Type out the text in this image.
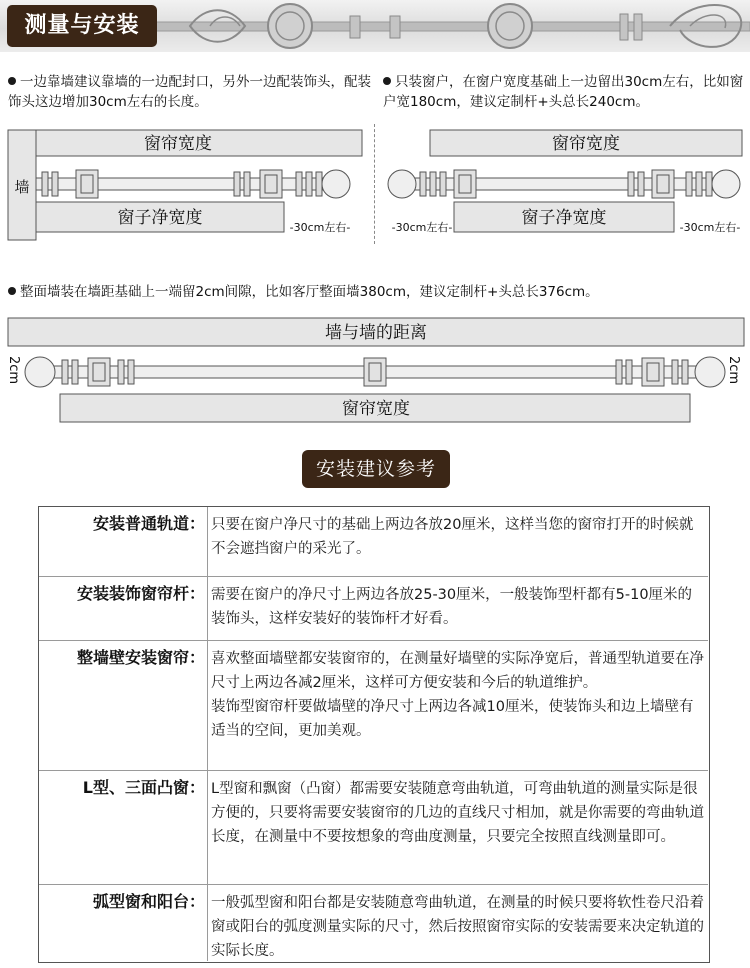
测量与安装
一边靠墙建议靠墙的一边配封口，另外一边配装饰头，配装饰头这边增加30cm左右的长度。
只装窗户，在窗户宽度基础上一边留出30cm左右，比如窗户宽180cm，建议定制杆+头总长240cm。
墙
窗帘宽度
窗子净宽度	-30cm左右-
窗帘宽度
窗子净宽度
-30cm左右-	-30cm左右-
整面墙装在墙距基础上一端留2cm间隙，比如客厅整面墙380cm，建议定制杆+头总长376cm。
墙与墙的距离
2cm	2cm
窗帘宽度
安装建议参考
安装普通轨道： 只要在窗户净尺寸的基础上两边各放20厘米，这样当您的窗帘打开的时候就不会遮挡窗户的采光了。

安装装饰窗帘杆： 需要在窗户的净尺寸上两边各放25-30厘米，一般装饰型杆都有5-10厘米的装饰头，这样安装好的装饰杆才好看。

整墙壁安装窗帘： 喜欢整面墙壁都安装窗帘的，在测量好墙壁的实际净宽后，普通型轨道要在净尺寸上两边各减2厘米，这样可方便安装和今后的轨道维护。

装饰型窗帘杆要做墙壁的净尺寸上两边各减10厘米，使装饰头和边上墙壁有适当的空间，更加美观。

L型、三面凸窗： L型窗和飘窗（凸窗）都需要安装随意弯曲轨道，可弯曲轨道的测量实际是很方便的，只要将需要安装窗帘的几边的直线尺寸相加，就是你需要的弯曲轨道长度，在测量中不要按想象的弯曲度测量，只要完全按照直线测量即可。

弧型窗和阳台： 一般弧型窗和阳台都是安装随意弯曲轨道，在测量的时候只要将软性卷尺沿着窗或阳台的弧度测量实际的尺寸，然后按照窗帘实际的安装需要来决定轨道的实际长度。
